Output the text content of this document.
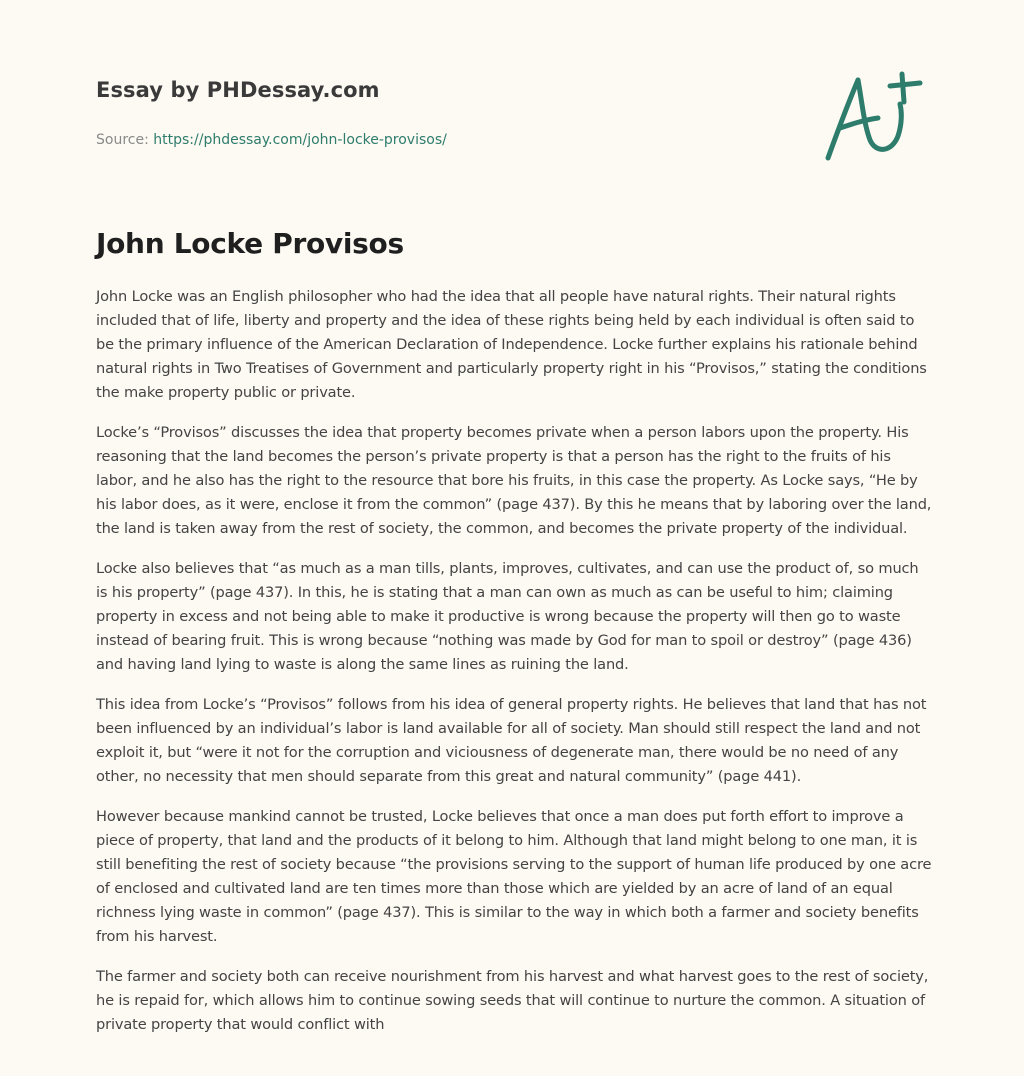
Essay by PHDessay.com
Source: https://phdessay.com/john-locke-provisos/
John Locke Provisos

John Locke was an English philosopher who had the idea that all people have natural rights. Their natural rights included that of life, liberty and property and the idea of these rights being held by each individual is often said to be the primary influence of the American Declaration of Independence. Locke further explains his rationale behind natural rights in Two Treatises of Government and particularly property right in his “Provisos,” stating the conditions the make property public or private.

Locke’s “Provisos” discusses the idea that property becomes private when a person labors upon the property. His reasoning that the land becomes the person’s private property is that a person has the right to the fruits of his labor, and he also has the right to the resource that bore his fruits, in this case the property. As Locke says, “He by his labor does, as it were, enclose it from the common” (page 437). By this he means that by laboring over the land, the land is taken away from the rest of society, the common, and becomes the private property of the individual.

Locke also believes that “as much as a man tills, plants, improves, cultivates, and can use the product of, so much is his property” (page 437). In this, he is stating that a man can own as much as can be useful to him; claiming property in excess and not being able to make it productive is wrong because the property will then go to waste instead of bearing fruit. This is wrong because “nothing was made by God for man to spoil or destroy” (page 436) and having land lying to waste is along the same lines as ruining the land.

This idea from Locke’s “Provisos” follows from his idea of general property rights. He believes that land that has not been influenced by an individual’s labor is land available for all of society. Man should still respect the land and not exploit it, but “were it not for the corruption and viciousness of degenerate man, there would be no need of any other, no necessity that men should separate from this great and natural community” (page 441).

However because mankind cannot be trusted, Locke believes that once a man does put forth effort to improve a piece of property, that land and the products of it belong to him. Although that land might belong to one man, it is still benefiting the rest of society because “the provisions serving to the support of human life produced by one acre of enclosed and cultivated land are ten times more than those which are yielded by an acre of land of an equal richness lying waste in common” (page 437). This is similar to the way in which both a farmer and society benefits from his harvest.

The farmer and society both can receive nourishment from his harvest and what harvest goes to the rest of society, he is repaid for, which allows him to continue sowing seeds that will continue to nurture the common. A situation of private property that would conflict with
